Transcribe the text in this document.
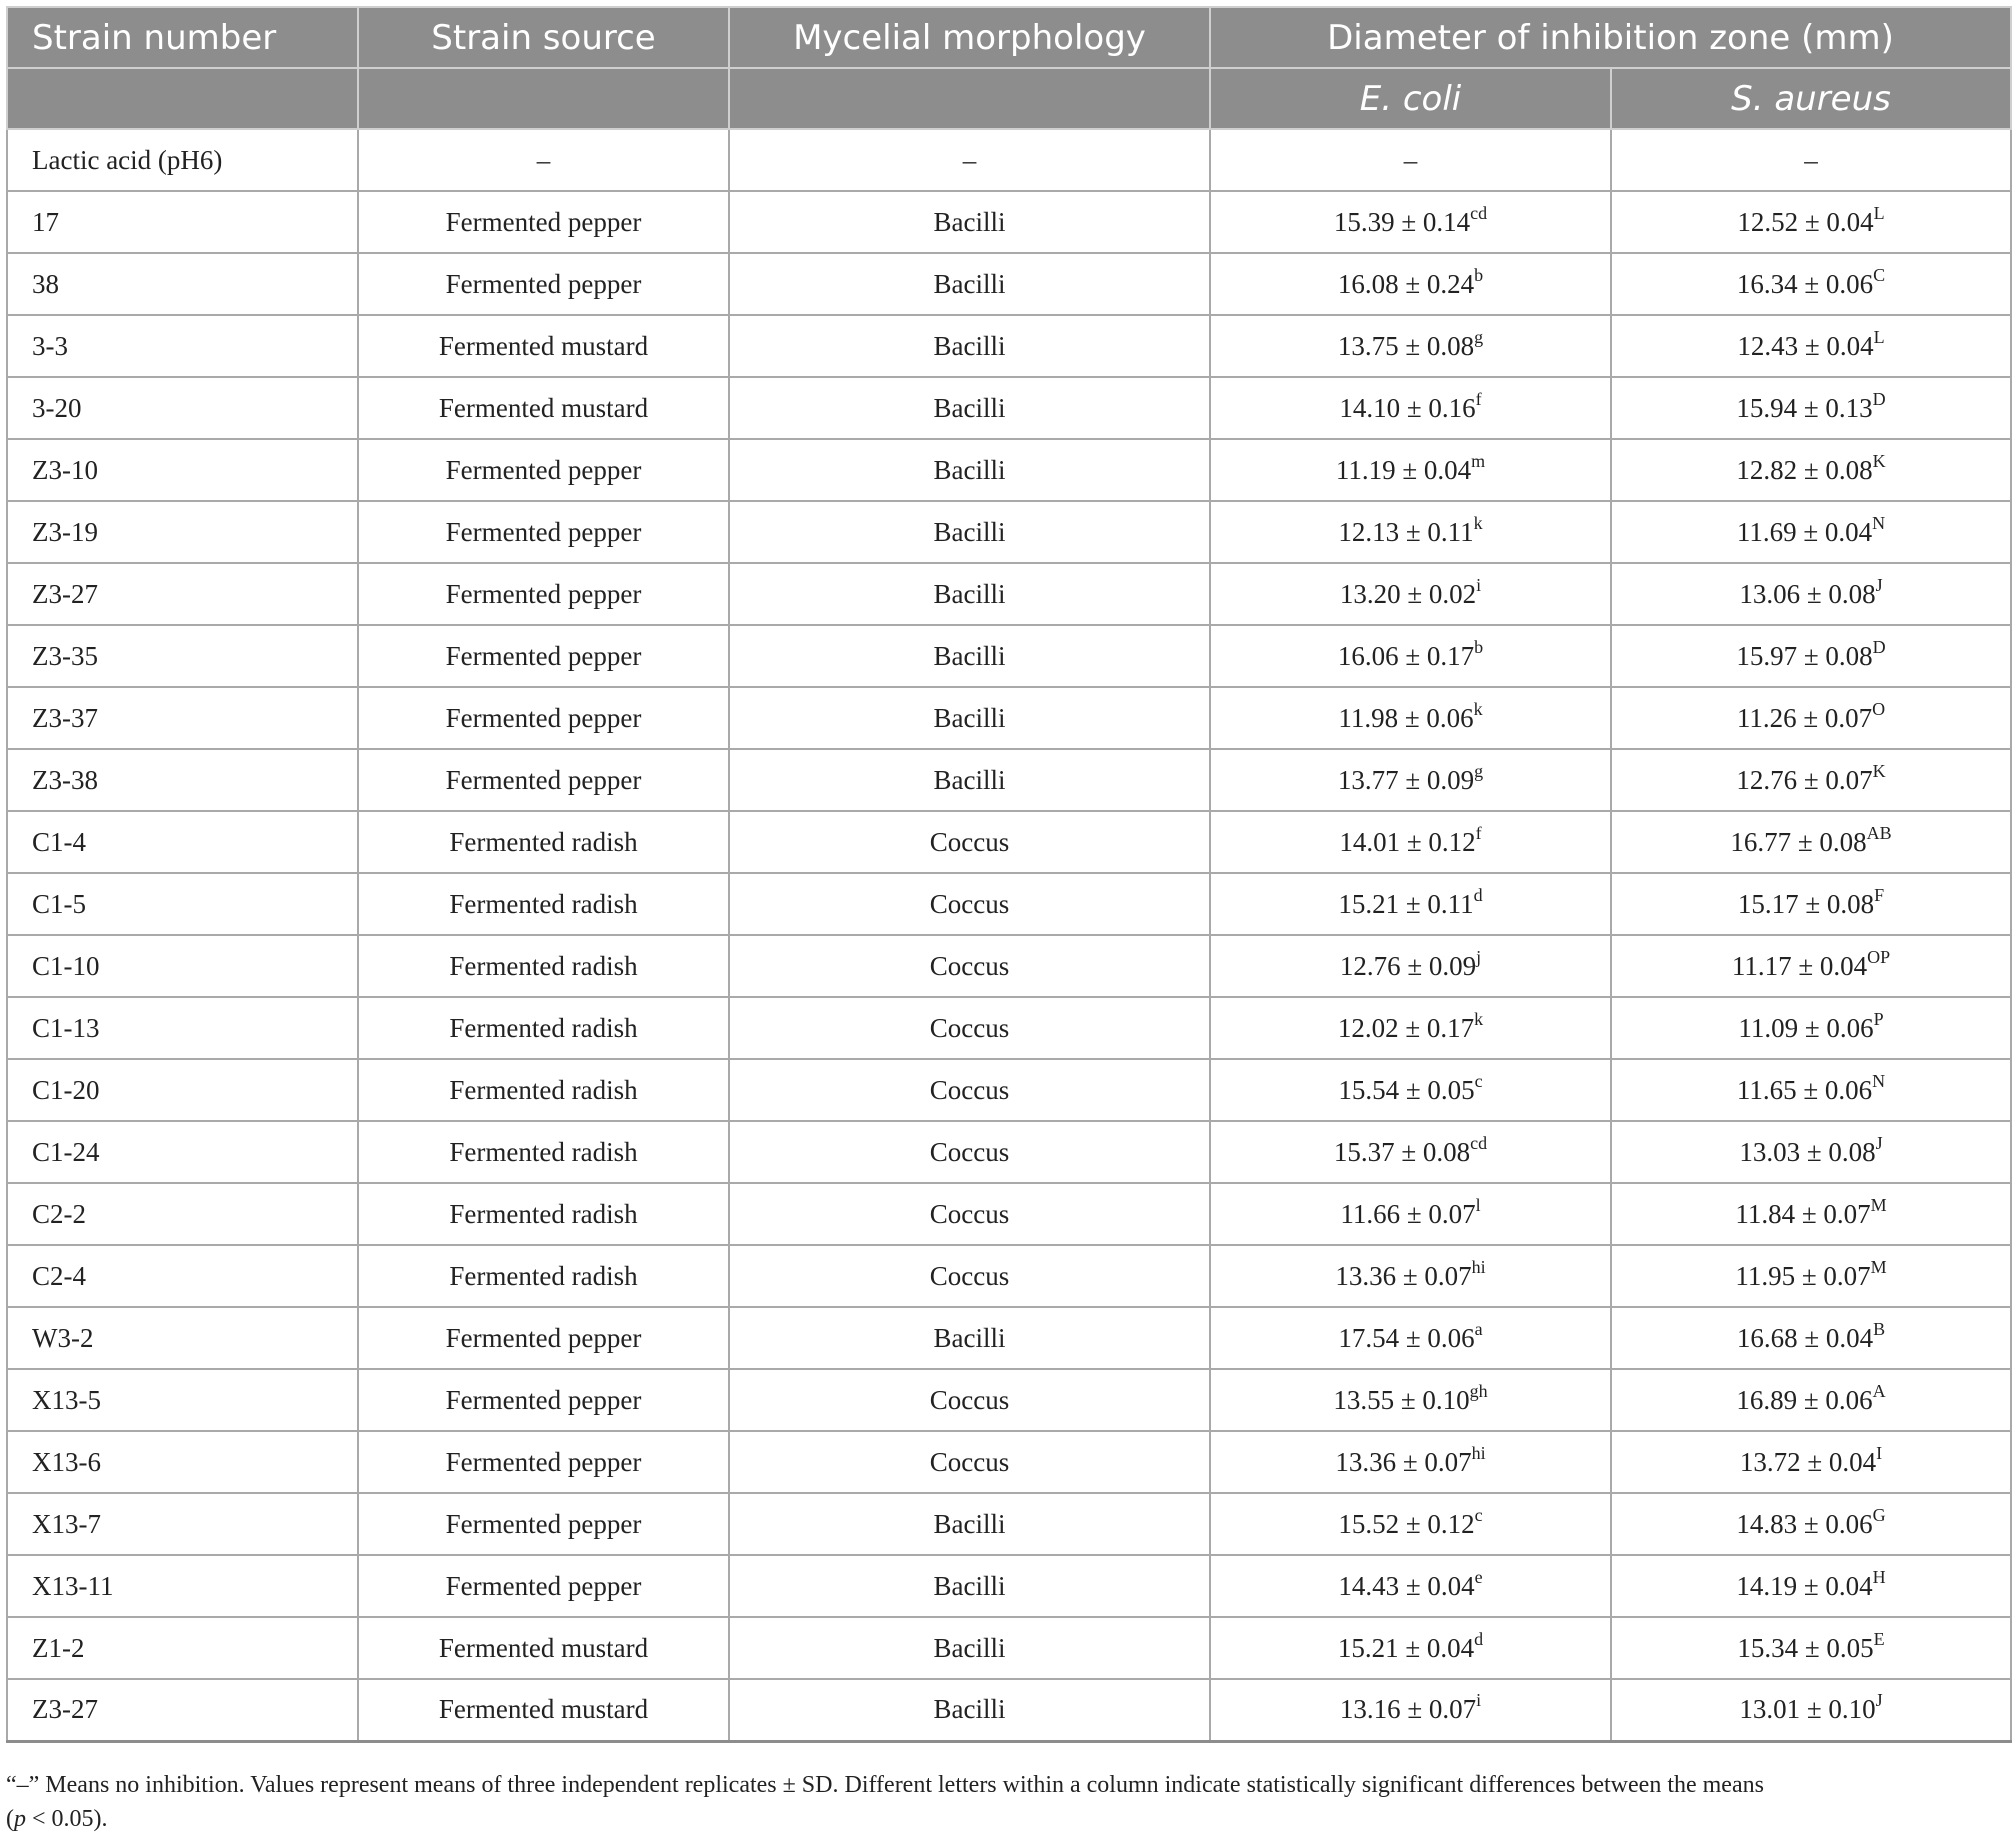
Strain number	Strain source	Mycelial morphology	Diameter of inhibition zone (mm)	
			E. coli	S. aureus
Lactic acid (pH6)	–	–	–	–
17	Fermented pepper	Bacilli	15.39 ± 0.14$^{cd}$	$12.52 \pm 0.04^L$
38	Fermented pepper	Bacilli	16.08 ± 0.24$^b$	$16.34 \pm 0.06^C$
3-3	Fermented mustard	Bacilli	13.75 ± 0.08$^g$	$12.43 \pm 0.04^L$
3-20	Fermented mustard	Bacilli	14.10 ± 0.16$^f$	$15.94 \pm 0.13^D$
Z3-10	Fermented pepper	Bacilli	$11.19 \pm 0.04^m$	$12.82 \pm 0.08^K$
Z3-19	Fermented pepper	Bacilli	$12.13 \pm 0.11^k$	$11.69 \pm 0.04^N$
Z3-27	Fermented pepper	Bacilli	$13.20 \pm 0.02^i$	$13.06 \pm 0.08^J$
Z3-35	Fermented pepper	Bacilli	16.06 ± 0.17$^b$	$15.97 \pm 0.08^D$
Z3-37	Fermented pepper	Bacilli	$11.98 \pm 0.06^k$	$11.26 \pm 0.07^O$
Z3-38	Fermented pepper	Bacilli	13.77 ± 0.09$^g$	$12.76 \pm 0.07^K$
C1-4	Fermented radish	Coccus	14.01 ± 0.12$^f$	$16.77 \pm 0.08^{AB}$
C1-5	Fermented radish	Coccus	15.21 ± 0.11$^d$	$15.17 \pm 0.08^F$
C1-10	Fermented radish	Coccus	$12.76 \pm 0.09^j$	$11.17 \pm 0.04^{OP}$
C1-13	Fermented radish	Coccus	$12.02 \pm 0.17^k$	$11.09 \pm 0.06^P$
C1-20	Fermented radish	Coccus	15.54 ± 0.05$^c$	$11.65 \pm 0.06^N$
C1-24	Fermented radish	Coccus	15.37 ± 0.08$^{cd}$	$13.03 \pm 0.08^J$
C2-2	Fermented radish	Coccus	$11.66 \pm 0.07^l$	$11.84 \pm 0.07^M$
C2-4	Fermented radish	Coccus	$13.36 \pm 0.07^{hi}$	$11.95 \pm 0.07^M$
W3-2	Fermented pepper	Bacilli	17.54 ± 0.06$^a$	$16.68 \pm 0.04^B$
X13-5	Fermented pepper	Coccus	13.55 ± 0.10$^{gh}$	$16.89 \pm 0.06^A$
X13-6	Fermented pepper	Coccus	$13.36 \pm 0.07^{hi}$	$13.72 \pm 0.04^I$
X13-7	Fermented pepper	Bacilli	15.52 ± 0.12$^c$	$14.83 \pm 0.06^G$
X13-11	Fermented pepper	Bacilli	14.43 ± 0.04$^e$	$14.19 \pm 0.04^H$
Z1-2	Fermented mustard	Bacilli	15.21 ± 0.04$^d$	$15.34 \pm 0.05^E$
Z3-27	Fermented mustard	Bacilli	$13.16 \pm 0.07^i$	$13.01 \pm 0.10^J$
“–” Means no inhibition. Values represent means of three independent replicates ± SD. Different letters within a column indicate statistically significant differences between the means
(p < 0.05).
